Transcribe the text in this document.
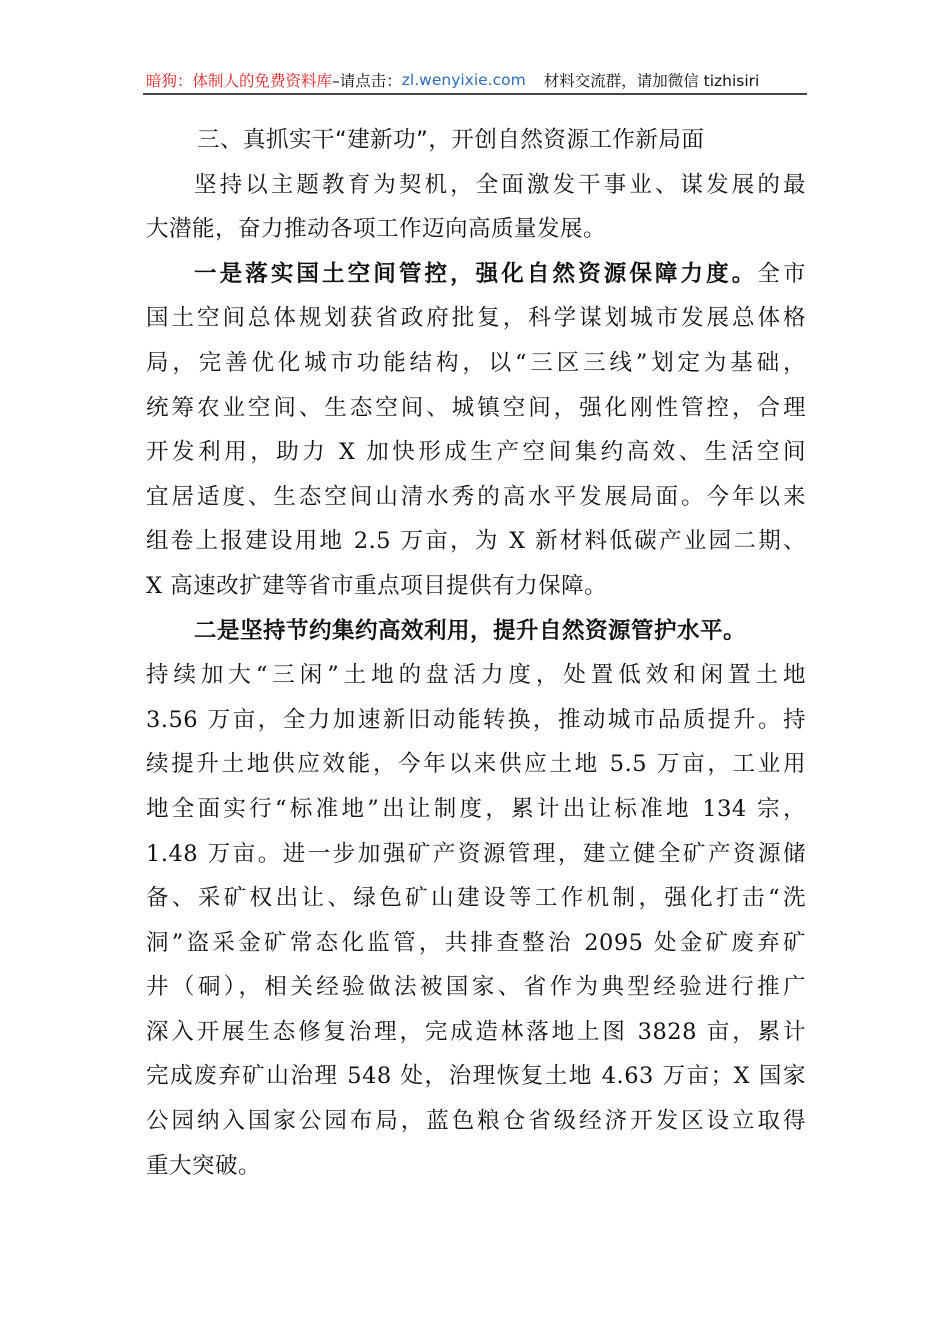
暗狗：体制人的免费资料库 –请点击： zl.wenyixie.com 材料交流群，请加微信 tizhisiri
三、真抓实干“建新功”，开创自然资源工作新局面
坚持以主题教育为契机，全面激发干事业、谋发展的最
大潜能，奋力推动各项工作迈向高质量发展。
一是落实国土空间管控，强化自然资源保障力度。全市
国土空间总体规划获省政府批复，科学谋划城市发展总体格
局，完善优化城市功能结构，以“三区三线”划定为基础，
统筹农业空间、生态空间、城镇空间，强化刚性管控，合理
开发利用，助力 X 加快形成生产空间集约高效、生活空间
宜居适度、生态空间山清水秀的高水平发展局面。今年以来
组卷上报建设用地 2.5 万亩，为 X 新材料低碳产业园二期、
X 高速改扩建等省市重点项目提供有力保障。
二是坚持节约集约高效利用，提升自然资源管护水平。
持续加大“三闲”土地的盘活力度，处置低效和闲置土地
3.56 万亩，全力加速新旧动能转换，推动城市品质提升。持
续提升土地供应效能，今年以来供应土地 5.5 万亩，工业用
地全面实行“标准地”出让制度，累计出让标准地 134 宗，
1.48 万亩。进一步加强矿产资源管理，建立健全矿产资源储
备、采矿权出让、绿色矿山建设等工作机制，强化打击“洗
洞”盗采金矿常态化监管，共排查整治 2095 处金矿废弃矿
井（硐），相关经验做法被国家、省作为典型经验进行推广
深入开展生态修复治理，完成造林落地上图 3828 亩，累计
完成废弃矿山治理 548 处，治理恢复土地 4.63 万亩；X 国家
公园纳入国家公园布局，蓝色粮仓省级经济开发区设立取得
重大突破。
